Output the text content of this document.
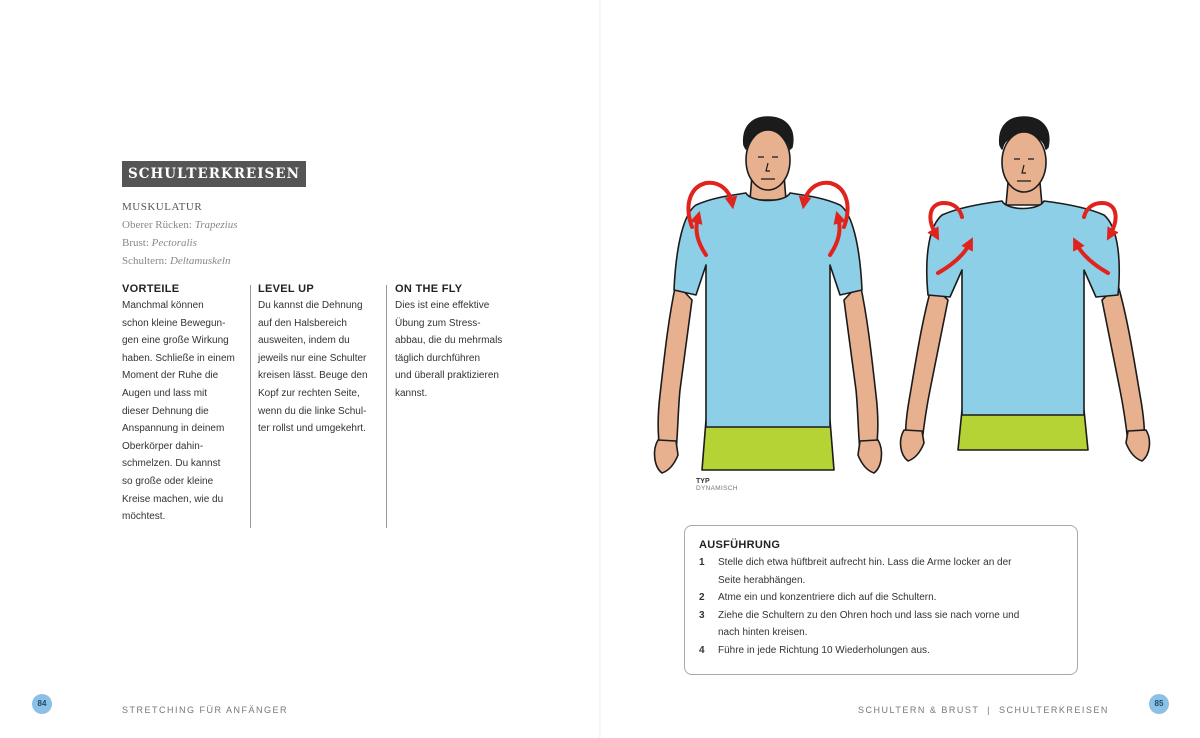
SCHULTERKREISEN
MUSKULATUR
Oberer Rücken: Trapezius
Brust: Pectoralis
Schultern: Deltamuskeln
VORTEILE
Manchmal können
schon kleine Bewegun-
gen eine große Wirkung
haben. Schließe in einem
Moment der Ruhe die
Augen und lass mit
dieser Dehnung die
Anspannung in deinem
Oberkörper dahin-
schmelzen. Du kannst
so große oder kleine
Kreise machen, wie du
möchtest.
LEVEL UP
Du kannst die Dehnung
auf den Halsbereich
ausweiten, indem du
jeweils nur eine Schulter
kreisen lässt. Beuge den
Kopf zur rechten Seite,
wenn du die linke Schul-
ter rollst und umgekehrt.
ON THE FLY
Dies ist eine effektive
Übung zum Stress-
abbau, die du mehrmals
täglich durchführen
und überall praktizieren
kannst.
84
STRETCHING FÜR ANFÄNGER
TYP
DYNAMISCH
AUSFÜHRUNG
1	Stelle dich etwa hüftbreit aufrecht hin. Lass die Arme locker an der
Seite herabhängen.
2	Atme ein und konzentriere dich auf die Schultern.
3	Ziehe die Schultern zu den Ohren hoch und lass sie nach vorne und
nach hinten kreisen.
4	Führe in jede Richtung 10 Wiederholungen aus.
SCHULTERN & BRUST  |  SCHULTERKREISEN
85
